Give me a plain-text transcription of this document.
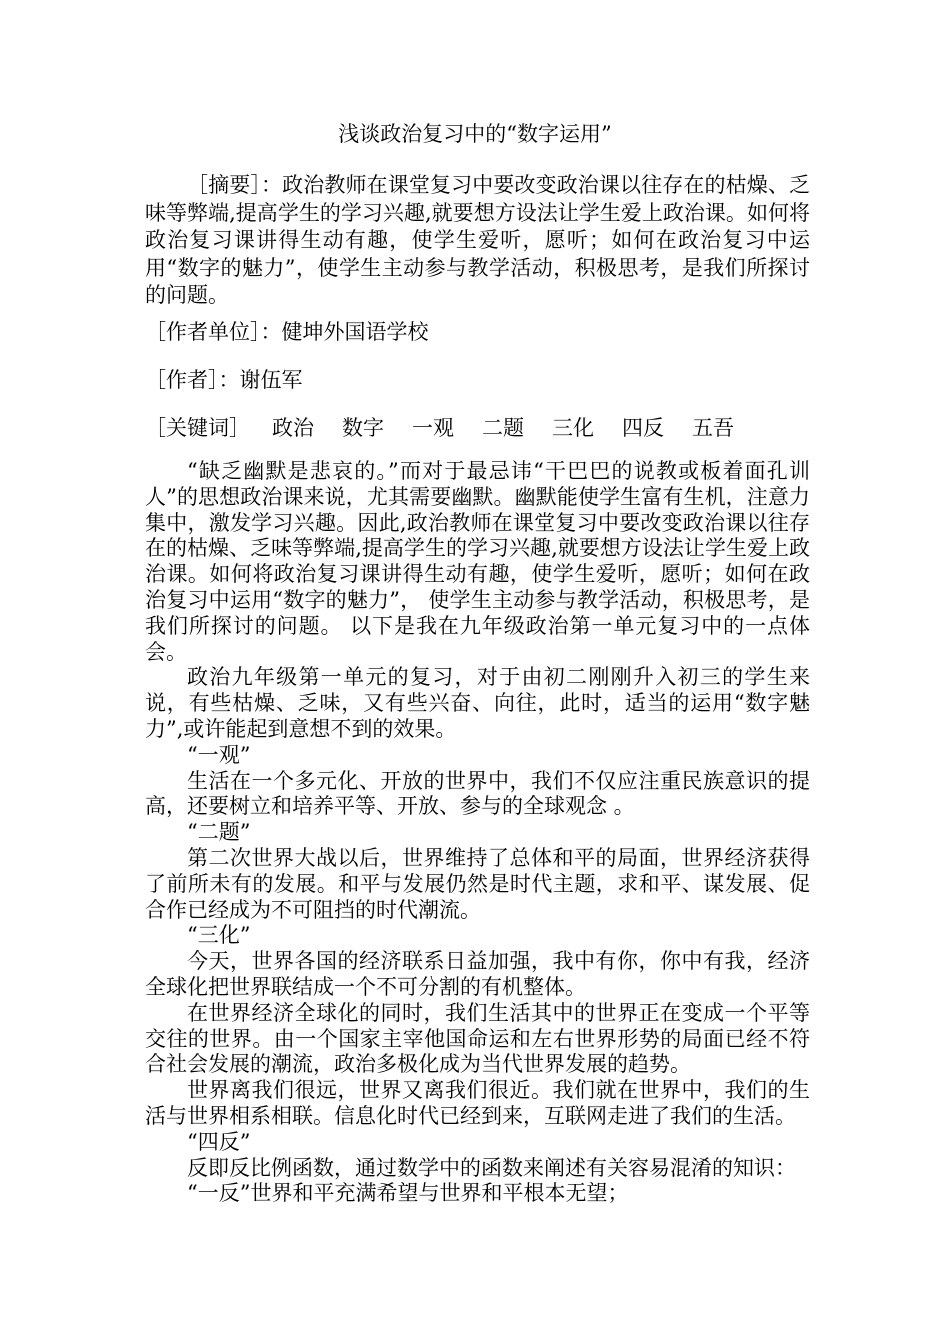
浅谈政治复习中的“数字运用”

［摘要］：政治教师在课堂复习中要改变政治课以往存在的枯燥、乏味等弊端,提高学生的学习兴趣,就要想方设法让学生爱上政治课。如何将政治复习课讲得生动有趣，使学生爱听，愿听；如何在政治复习中运用“数字的魅力”，使学生主动参与教学活动，积极思考，是我们所探讨的问题。

［作者单位］：健坤外国语学校
［作者］：谢伍军
［关键词］ 政治 数字 一观 二题 三化 四反 五吾

“缺乏幽默是悲哀的。”而对于最忌讳“干巴巴的说教或板着面孔训人”的思想政治课来说，尤其需要幽默。幽默能使学生富有生机，注意力集中，激发学习兴趣。因此,政治教师在课堂复习中要改变政治课以往存在的枯燥、乏味等弊端,提高学生的学习兴趣,就要想方设法让学生爱上政治课。如何将政治复习课讲得生动有趣，使学生爱听，愿听；如何在政治复习中运用“数字的魅力”， 使学生主动参与教学活动，积极思考，是我们所探讨的问题。 以下是我在九年级政治第一单元复习中的一点体会。

政治九年级第一单元的复习，对于由初二刚刚升入初三的学生来说，有些枯燥、乏味，又有些兴奋、向往，此时，适当的运用“数字魅力”,或许能起到意想不到的效果。

“一观”

生活在一个多元化、开放的世界中，我们不仅应注重民族意识的提高，还要树立和培养平等、开放、参与的全球观念 。

“二题”

第二次世界大战以后，世界维持了总体和平的局面，世界经济获得了前所未有的发展。和平与发展仍然是时代主题，求和平、谋发展、促合作已经成为不可阻挡的时代潮流。

“三化”

今天，世界各国的经济联系日益加强，我中有你，你中有我，经济全球化把世界联结成一个不可分割的有机整体。

在世界经济全球化的同时，我们生活其中的世界正在变成一个平等交往的世界。由一个国家主宰他国命运和左右世界形势的局面已经不符合社会发展的潮流，政治多极化成为当代世界发展的趋势。

世界离我们很远，世界又离我们很近。我们就在世界中，我们的生活与世界相系相联。信息化时代已经到来，互联网走进了我们的生活。

“四反”

反即反比例函数，通过数学中的函数来阐述有关容易混淆的知识：

“一反”世界和平充满希望与世界和平根本无望；
